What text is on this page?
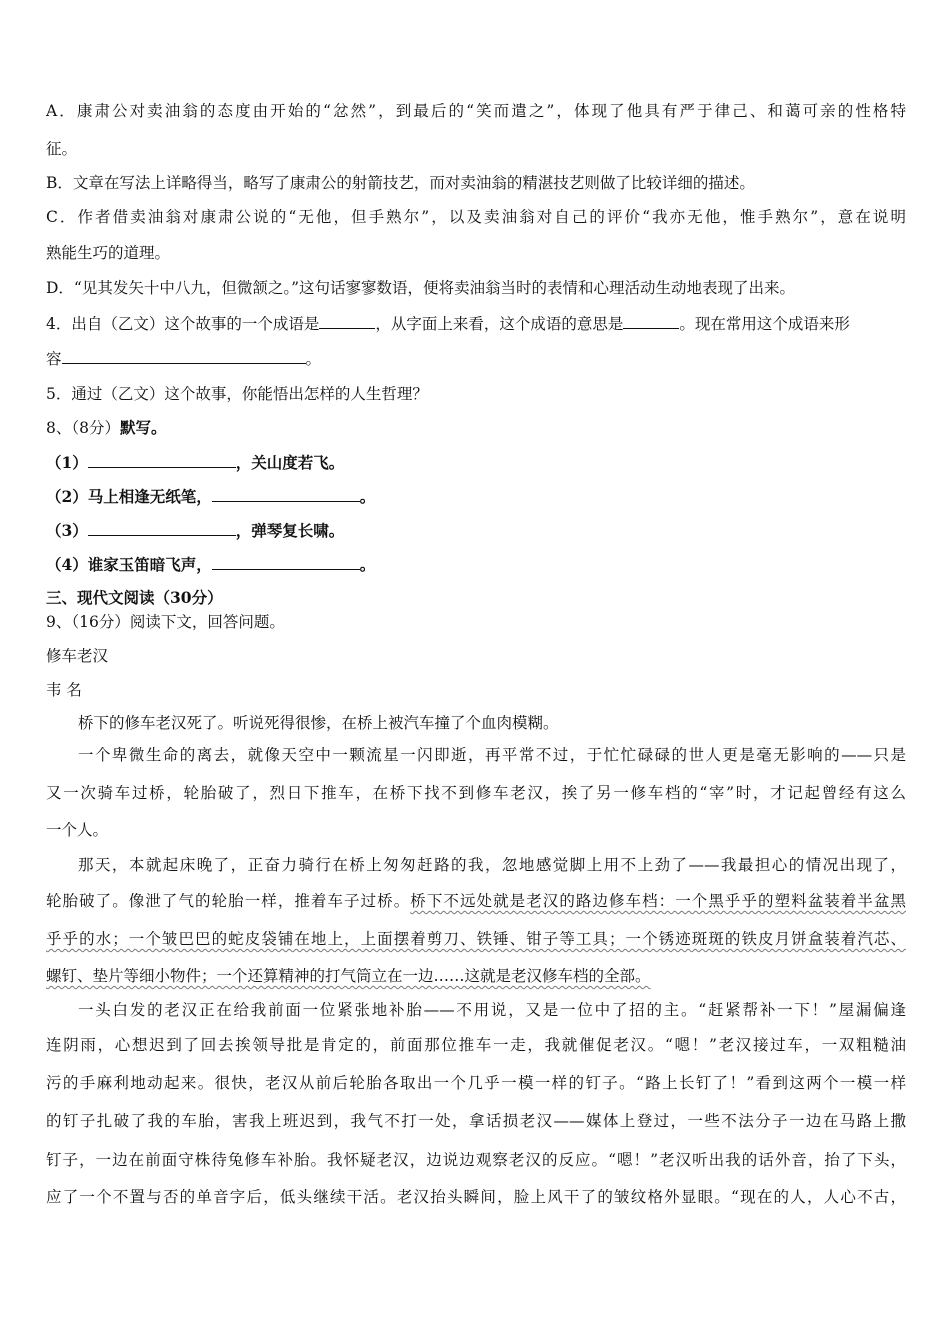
A．康肃公对卖油翁的态度由开始的“忿然”，到最后的“笑而遣之”，体现了他具有严于律己、和蔼可亲的性格特
征。
B．文章在写法上详略得当，略写了康肃公的射箭技艺，而对卖油翁的精湛技艺则做了比较详细的描述。
C．作者借卖油翁对康肃公说的“无他，但手熟尔”，以及卖油翁对自己的评价“我亦无他，惟手熟尔”，意在说明
熟能生巧的道理。
D．“见其发矢十中八九，但微颔之。”这句话寥寥数语，便将卖油翁当时的表情和心理活动生动地表现了出来。
4．出自（乙文）这个故事的一个成语是	，从字面上来看，这个成语的意思是	。现在常用这个成语来形
容	。
5．通过（乙文）这个故事，你能悟出怎样的人生哲理？
8、（8分）默写。
（1）	，关山度若飞。
（2）马上相逢无纸笔，	。
（3）	，弹琴复长啸。
（4）谁家玉笛暗飞声，	。
三、现代文阅读（30分）
9、（16分）阅读下文，回答问题。
修车老汉
韦 名
桥下的修车老汉死了。听说死得很惨，在桥上被汽车撞了个血肉模糊。
一个卑微生命的离去，就像天空中一颗流星一闪即逝，再平常不过，于忙忙碌碌的世人更是毫无影响的——只是
又一次骑车过桥，轮胎破了，烈日下推车，在桥下找不到修车老汉，挨了另一修车档的“宰”时，才记起曾经有这么
一个人。
那天，本就起床晚了，正奋力骑行在桥上匆匆赶路的我，忽地感觉脚上用不上劲了——我最担心的情况出现了，
轮胎破了。像泄了气的轮胎一样，推着车子过桥。桥下不远处就是老汉的路边修车档：一个黑乎乎的塑料盆装着半盆黑
乎乎的水；一个皱巴巴的蛇皮袋铺在地上，上面摆着剪刀、铁锤、钳子等工具；一个锈迹斑斑的铁皮月饼盒装着汽芯、
螺钉、垫片等细小物件；一个还算精神的打气筒立在一边……这就是老汉修车档的全部。
一头白发的老汉正在给我前面一位紧张地补胎——不用说，又是一位中了招的主。“赶紧帮补一下！”屋漏偏逢
连阴雨，心想迟到了回去挨领导批是肯定的，前面那位推车一走，我就催促老汉。“嗯！”老汉接过车，一双粗糙油
污的手麻利地动起来。很快，老汉从前后轮胎各取出一个几乎一模一样的钉子。“路上长钉了！”看到这两个一模一样
的钉子扎破了我的车胎，害我上班迟到，我气不打一处，拿话损老汉——媒体上登过，一些不法分子一边在马路上撒
钉子，一边在前面守株待兔修车补胎。我怀疑老汉，边说边观察老汉的反应。“嗯！”老汉听出我的话外音，抬了下头，
应了一个不置与否的单音字后，低头继续干活。老汉抬头瞬间，脸上风干了的皱纹格外显眼。“现在的人，人心不古，
